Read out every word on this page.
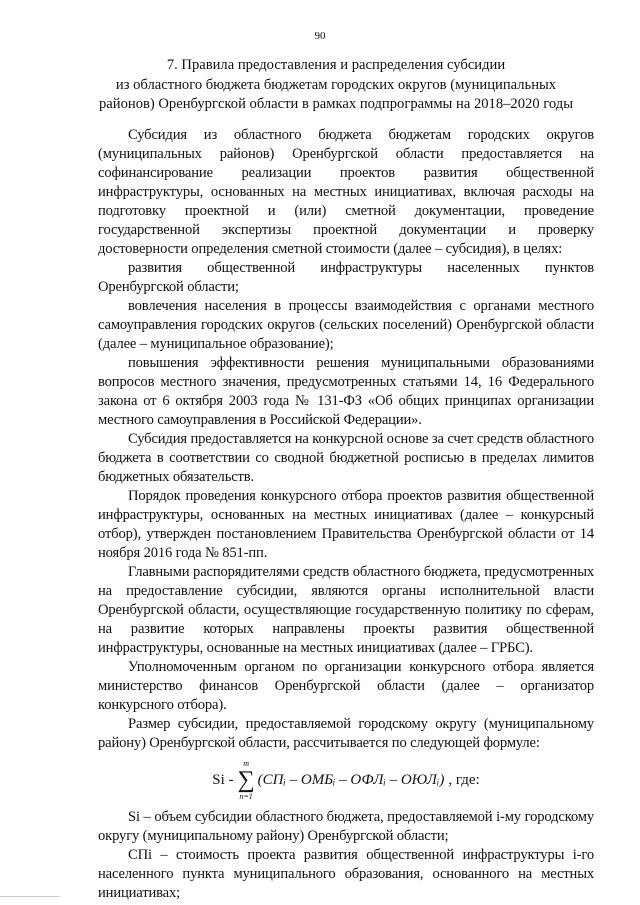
90
7. Правила предоставления и распределения субсидии
из областного бюджета бюджетам городских округов (муниципальных
районов) Оренбургской области в рамках подпрограммы на 2018–2020 годы

Субсидия из областного бюджета бюджетам городских округов (муниципальных районов) Оренбургской области предоставляется на софинансирование реализации проектов развития общественной инфраструктуры, основанных на местных инициативах, включая расходы на подготовку проектной и (или) сметной документации, проведение государственной экспертизы проектной документации и проверку достоверности определения сметной стоимости (далее – субсидия), в целях:

развития общественной инфраструктуры населенных пунктов Оренбургской области;

вовлечения населения в процессы взаимодействия с органами местного самоуправления городских округов (сельских поселений) Оренбургской области (далее – муниципальное образование);

повышения эффективности решения муниципальными образованиями вопросов местного значения, предусмотренных статьями 14, 16 Федерального закона от 6 октября 2003 года № 131-ФЗ «Об общих принципах организации местного самоуправления в Российской Федерации».

Субсидия предоставляется на конкурсной основе за счет средств областного бюджета в соответствии со сводной бюджетной росписью в пределах лимитов бюджетных обязательств.

Порядок проведения конкурсного отбора проектов развития общественной инфраструктуры, основанных на местных инициативах (далее – конкурсный отбор), утвержден постановлением Правительства Оренбургской области от 14 ноября 2016 года № 851-пп.

Главными распорядителями средств областного бюджета, предусмотренных на предоставление субсидии, являются органы исполнительной власти Оренбургской области, осуществляющие государственную политику по сферам, на развитие которых направлены проекты развития общественной инфраструктуры, основанные на местных инициативах (далее – ГРБС).

Уполномоченным органом по организации конкурсного отбора является министерство финансов Оренбургской области (далее – организатор конкурсного отбора).

Размер субсидии, предоставляемой городскому округу (муниципальному району) Оренбургской области, рассчитывается по следующей формуле:

Si -
m
∑
n=1
(СПᵢ – ОМБᵢ – ОФЛᵢ – ОЮЛᵢ) , где:

Si – объем субсидии областного бюджета, предоставляемой i-му городскому округу (муниципальному району) Оренбургской области;

СПi – стоимость проекта развития общественной инфраструктуры i-го населенного пункта муниципального образования, основанного на местных инициативах;
